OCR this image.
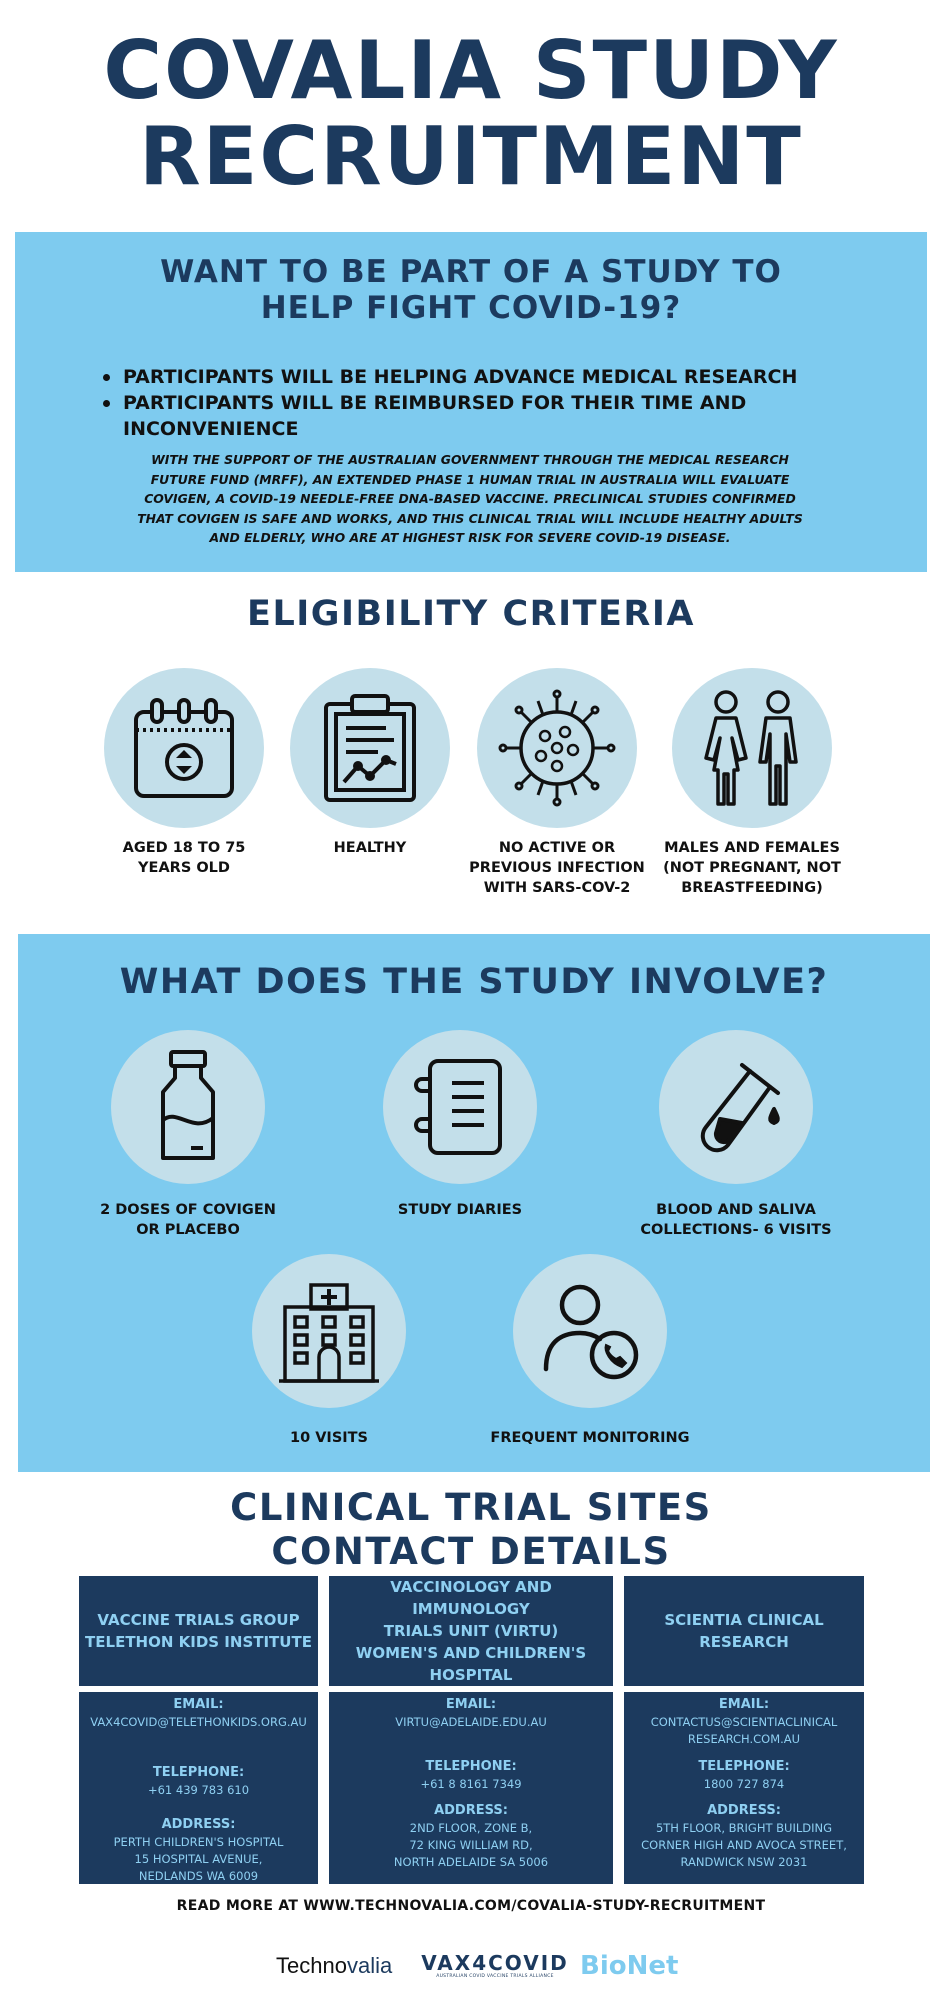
COVALIA STUDY
RECRUITMENT
WANT TO BE PART OF A STUDY TO
HELP FIGHT COVID-19?
PARTICIPANTS WILL BE HELPING ADVANCE MEDICAL RESEARCH
PARTICIPANTS WILL BE REIMBURSED FOR THEIR TIME AND INCONVENIENCE
WITH THE SUPPORT OF THE AUSTRALIAN GOVERNMENT THROUGH THE MEDICAL RESEARCH FUTURE FUND (MRFF), AN EXTENDED PHASE 1 HUMAN TRIAL IN AUSTRALIA WILL EVALUATE COVIGEN, A COVID-19 NEEDLE-FREE DNA-BASED VACCINE. PRECLINICAL STUDIES CONFIRMED THAT COVIGEN IS SAFE AND WORKS, AND THIS CLINICAL TRIAL WILL INCLUDE HEALTHY ADULTS AND ELDERLY, WHO ARE AT HIGHEST RISK FOR SEVERE COVID-19 DISEASE.
ELIGIBILITY CRITERIA
AGED 18 TO 75
YEARS OLD
HEALTHY	NO ACTIVE OR
PREVIOUS INFECTION
WITH SARS-COV-2
MALES AND FEMALES
(NOT PREGNANT, NOT
BREASTFEEDING)
WHAT DOES THE STUDY INVOLVE?
2 DOSES OF COVIGEN
OR PLACEBO
STUDY DIARIES	BLOOD AND SALIVA
COLLECTIONS- 6 VISITS
10 VISITS	FREQUENT MONITORING
CLINICAL TRIAL SITES
CONTACT DETAILS
VACCINE TRIALS GROUP
TELETHON KIDS INSTITUTE
EMAIL:
VAX4COVID@TELETHONKIDS.ORG.AU
TELEPHONE:
+61 439 783 610
ADDRESS:
PERTH CHILDREN'S HOSPITAL
15 HOSPITAL AVENUE,
NEDLANDS WA 6009
VACCINOLOGY AND IMMUNOLOGY
TRIALS UNIT (VIRTU)
WOMEN'S AND CHILDREN'S
HOSPITAL
EMAIL:
VIRTU@ADELAIDE.EDU.AU
TELEPHONE:
+61 8 8161 7349
ADDRESS:
2ND FLOOR, ZONE B,
72 KING WILLIAM RD,
NORTH ADELAIDE SA 5006
SCIENTIA CLINICAL
RESEARCH
EMAIL:
CONTACTUS@SCIENTIACLINICAL
RESEARCH.COM.AU
TELEPHONE:
1800 727 874
ADDRESS:
5TH FLOOR, BRIGHT BUILDING
CORNER HIGH AND AVOCA STREET,
RANDWICK NSW 2031
READ MORE AT WWW.TECHNOVALIA.COM/COVALIA-STUDY-RECRUITMENT
Technovalia VAX4COVID
AUSTRALIAN COVID VACCINE TRIALS ALLIANCE BioNet
